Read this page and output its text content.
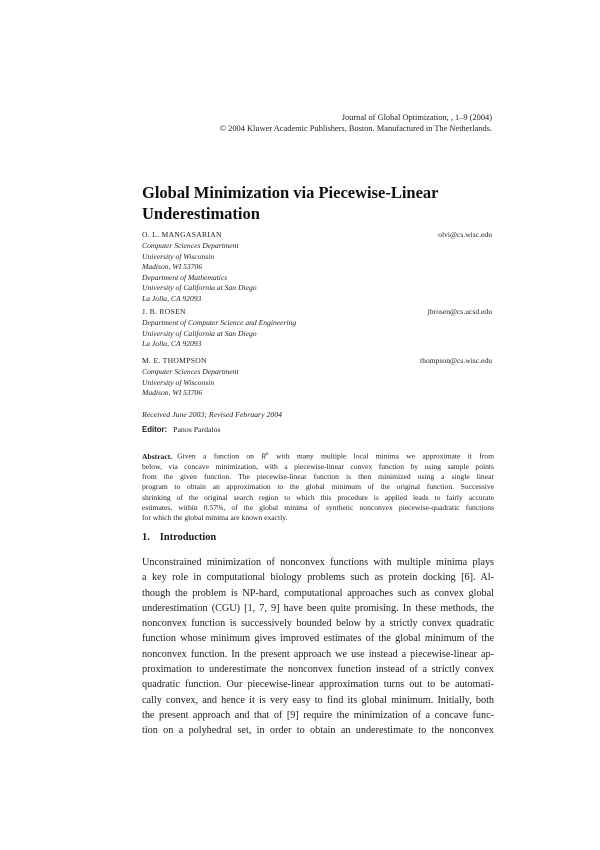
Journal of Global Optimization, , 1–9 (2004)
© 2004 Kluwer Academic Publishers, Boston. Manufactured in The Netherlands.
Global Minimization via Piecewise-Linear
Underestimation
O. L. MANGASARIAN	olvi@cs.wisc.edu
Computer Sciences Department
University of Wisconsin
Madison, WI 53706
Department of Mathematics
University of California at San Diego
La Jolla, CA 92093
J. B. ROSEN	jbrosen@cs.ucsd.edu
Department of Computer Science and Engineering
University of California at San Diego
La Jolla, CA 92093
M. E. THOMPSON	thompson@cs.wisc.edu
Computer Sciences Department
University of Wisconsin
Madison, WI 53706
Received June 2003; Revised February 2004
Editor: Panos Pardalos
Abstract. Given a function on $R^n$ with many multiple local minima we approximate it from
below, via concave minimization, with a piecewise-linear convex function by using sample points
from the given function. The piecewise-linear function is then minimized using a single linear
program to obtain an approximation to the global minimum of the original function. Successive
shrinking of the original search region to which this procedure is applied leads to fairly accurate
estimates, within 0.57%, of the global minima of synthetic nonconvex piecewise-quadratic functions
for which the global minima are known exactly.
1. Introduction
Unconstrained minimization of nonconvex functions with multiple minima plays
a key role in computational biology problems such as protein docking [6]. Al-
though the problem is NP-hard, computational approaches such as convex global
underestimation (CGU) [1, 7, 9] have been quite promising. In these methods, the
nonconvex function is successively bounded below by a strictly convex quadratic
function whose minimum gives improved estimates of the global minimum of the
nonconvex function. In the present approach we use instead a piecewise-linear ap-
proximation to underestimate the nonconvex function instead of a strictly convex
quadratic function. Our piecewise-linear approximation turns out to be automati-
cally convex, and hence it is very easy to find its global minimum. Initially, both
the present approach and that of [9] require the minimization of a concave func-
tion on a polyhedral set, in order to obtain an underestimate to the nonconvex
